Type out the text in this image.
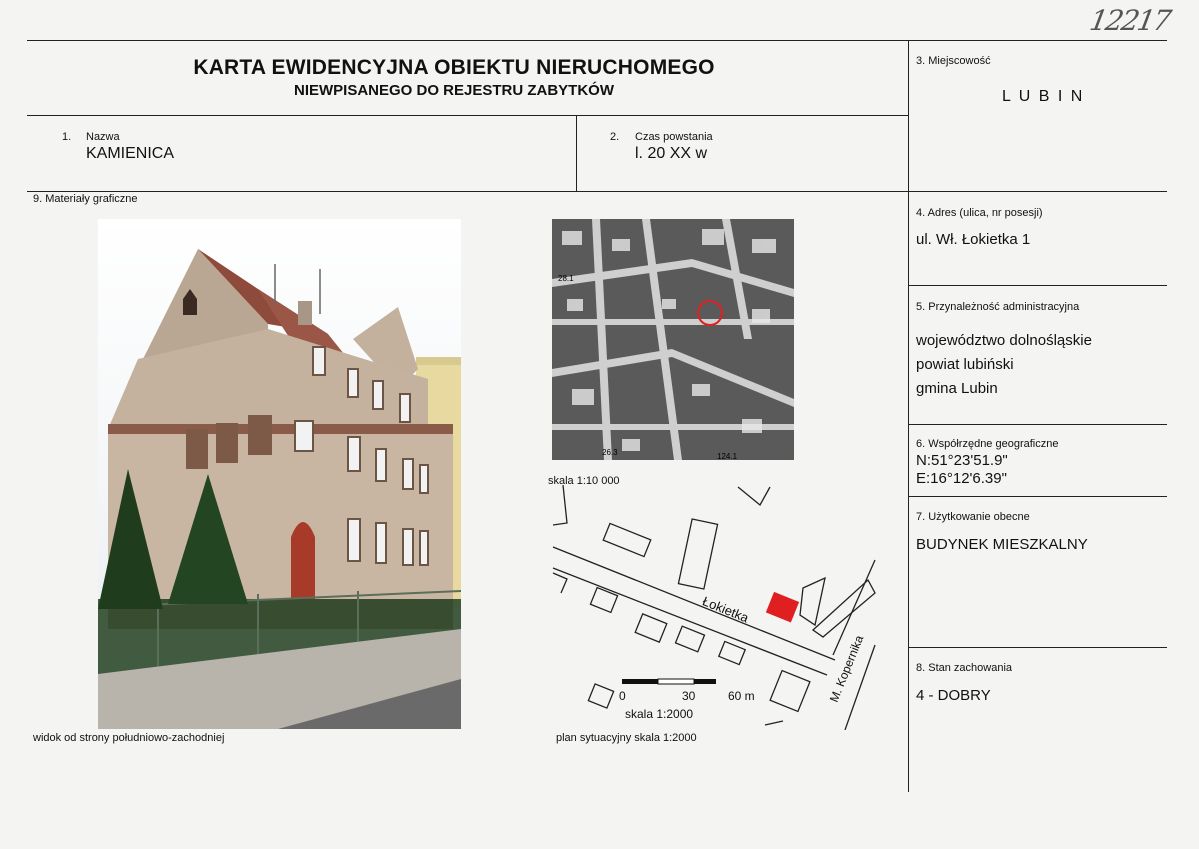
12217
KARTA EWIDENCYJNA OBIEKTU NIERUCHOMEGO
NIEWPISANEGO DO REJESTRU ZABYTKÓW
1. Nazwa
KAMIENICA
2. Czas powstania
l. 20 XX w
3. Miejscowość
L U B I N
4. Adres (ulica, nr posesji)
ul. Wł. Łokietka 1
5. Przynależność administracyjna
województwo dolnośląskie
powiat lubiński
gmina Lubin
6. Współrzędne geograficzne
N:51°23'51.9"
E:16°12'6.39"
7. Użytkowanie obecne
BUDYNEK MIESZKALNY
8. Stan zachowania
4 - DOBRY
9. Materiały graficzne
widok od strony południowo-zachodniej
28.1
26.3	124.1
skala 1:10 000
Łokietka
M. Kopernika
0	30	60 m
skala 1:2000
plan sytuacyjny skala 1:2000
